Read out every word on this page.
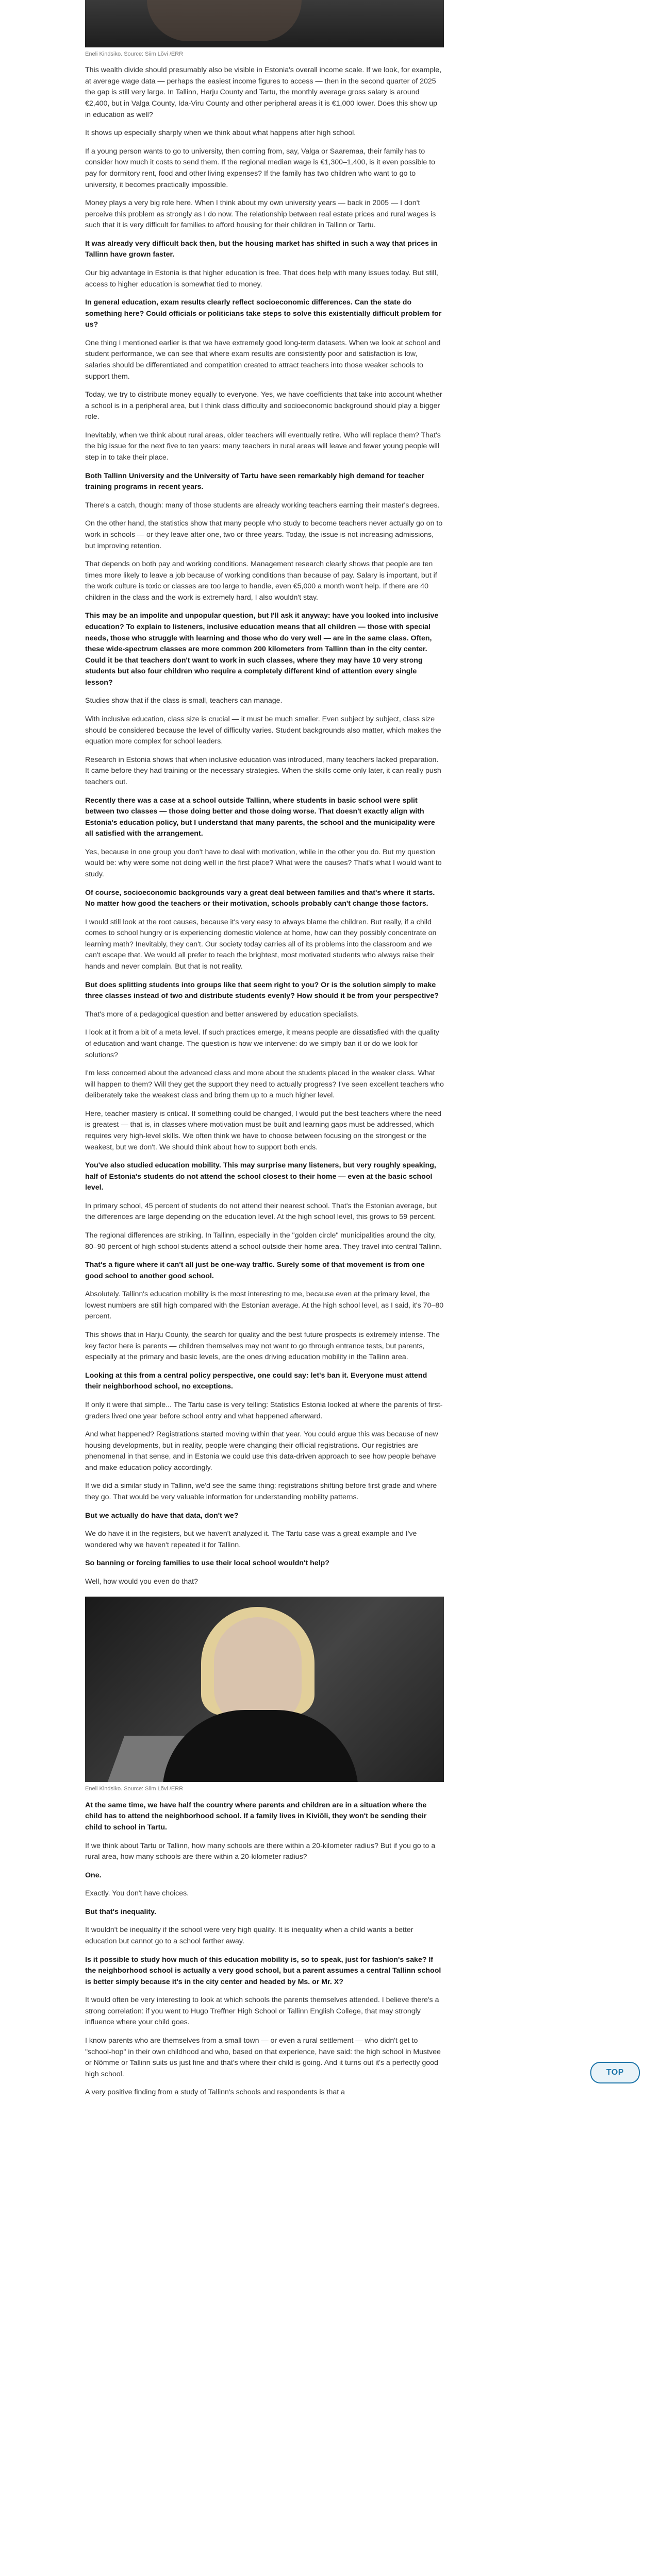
Eneli Kindsiko. Source: Siim Lõvi /ERR

This wealth divide should presumably also be visible in Estonia's overall income scale. If we look, for example, at average wage data — perhaps the easiest income figures to access — then in the second quarter of 2025 the gap is still very large. In Tallinn, Harju County and Tartu, the monthly average gross salary is around €2,400, but in Valga County, Ida-Viru County and other peripheral areas it is €1,000 lower. Does this show up in education as well?

It shows up especially sharply when we think about what happens after high school.

If a young person wants to go to university, then coming from, say, Valga or Saaremaa, their family has to consider how much it costs to send them. If the regional median wage is €1,300–1,400, is it even possible to pay for dormitory rent, food and other living expenses? If the family has two children who want to go to university, it becomes practically impossible.

Money plays a very big role here. When I think about my own university years — back in 2005 — I don't perceive this problem as strongly as I do now. The relationship between real estate prices and rural wages is such that it is very difficult for families to afford housing for their children in Tallinn or Tartu.

It was already very difficult back then, but the housing market has shifted in such a way that prices in Tallinn have grown faster.

Our big advantage in Estonia is that higher education is free. That does help with many issues today. But still, access to higher education is somewhat tied to money.

In general education, exam results clearly reflect socioeconomic differences. Can the state do something here? Could officials or politicians take steps to solve this existentially difficult problem for us?

One thing I mentioned earlier is that we have extremely good long-term datasets. When we look at school and student performance, we can see that where exam results are consistently poor and satisfaction is low, salaries should be differentiated and competition created to attract teachers into those weaker schools to support them.

Today, we try to distribute money equally to everyone. Yes, we have coefficients that take into account whether a school is in a peripheral area, but I think class difficulty and socioeconomic background should play a bigger role.

Inevitably, when we think about rural areas, older teachers will eventually retire. Who will replace them? That's the big issue for the next five to ten years: many teachers in rural areas will leave and fewer young people will step in to take their place.

Both Tallinn University and the University of Tartu have seen remarkably high demand for teacher training programs in recent years.

There's a catch, though: many of those students are already working teachers earning their master's degrees.

On the other hand, the statistics show that many people who study to become teachers never actually go on to work in schools — or they leave after one, two or three years. Today, the issue is not increasing admissions, but improving retention.

That depends on both pay and working conditions. Management research clearly shows that people are ten times more likely to leave a job because of working conditions than because of pay. Salary is important, but if the work culture is toxic or classes are too large to handle, even €5,000 a month won't help. If there are 40 children in the class and the work is extremely hard, I also wouldn't stay.

This may be an impolite and unpopular question, but I'll ask it anyway: have you looked into inclusive education? To explain to listeners, inclusive education means that all children — those with special needs, those who struggle with learning and those who do very well — are in the same class. Often, these wide-spectrum classes are more common 200 kilometers from Tallinn than in the city center. Could it be that teachers don't want to work in such classes, where they may have 10 very strong students but also four children who require a completely different kind of attention every single lesson?

Studies show that if the class is small, teachers can manage.

With inclusive education, class size is crucial — it must be much smaller. Even subject by subject, class size should be considered because the level of difficulty varies. Student backgrounds also matter, which makes the equation more complex for school leaders.

Research in Estonia shows that when inclusive education was introduced, many teachers lacked preparation. It came before they had training or the necessary strategies. When the skills come only later, it can really push teachers out.

Recently there was a case at a school outside Tallinn, where students in basic school were split between two classes — those doing better and those doing worse. That doesn't exactly align with Estonia's education policy, but I understand that many parents, the school and the municipality were all satisfied with the arrangement.

Yes, because in one group you don't have to deal with motivation, while in the other you do. But my question would be: why were some not doing well in the first place? What were the causes? That's what I would want to study.

Of course, socioeconomic backgrounds vary a great deal between families and that's where it starts. No matter how good the teachers or their motivation, schools probably can't change those factors.

I would still look at the root causes, because it's very easy to always blame the children. But really, if a child comes to school hungry or is experiencing domestic violence at home, how can they possibly concentrate on learning math? Inevitably, they can't. Our society today carries all of its problems into the classroom and we can't escape that. We would all prefer to teach the brightest, most motivated students who always raise their hands and never complain. But that is not reality.

But does splitting students into groups like that seem right to you? Or is the solution simply to make three classes instead of two and distribute students evenly? How should it be from your perspective?

That's more of a pedagogical question and better answered by education specialists.

I look at it from a bit of a meta level. If such practices emerge, it means people are dissatisfied with the quality of education and want change. The question is how we intervene: do we simply ban it or do we look for solutions?

I'm less concerned about the advanced class and more about the students placed in the weaker class. What will happen to them? Will they get the support they need to actually progress? I've seen excellent teachers who deliberately take the weakest class and bring them up to a much higher level.

Here, teacher mastery is critical. If something could be changed, I would put the best teachers where the need is greatest — that is, in classes where motivation must be built and learning gaps must be addressed, which requires very high-level skills. We often think we have to choose between focusing on the strongest or the weakest, but we don't. We should think about how to support both ends.

You've also studied education mobility. This may surprise many listeners, but very roughly speaking, half of Estonia's students do not attend the school closest to their home — even at the basic school level.

In primary school, 45 percent of students do not attend their nearest school. That's the Estonian average, but the differences are large depending on the education level. At the high school level, this grows to 59 percent.

The regional differences are striking. In Tallinn, especially in the "golden circle" municipalities around the city, 80–90 percent of high school students attend a school outside their home area. They travel into central Tallinn.

That's a figure where it can't all just be one-way traffic. Surely some of that movement is from one good school to another good school.

Absolutely. Tallinn's education mobility is the most interesting to me, because even at the primary level, the lowest numbers are still high compared with the Estonian average. At the high school level, as I said, it's 70–80 percent.

This shows that in Harju County, the search for quality and the best future prospects is extremely intense. The key factor here is parents — children themselves may not want to go through entrance tests, but parents, especially at the primary and basic levels, are the ones driving education mobility in the Tallinn area.

Looking at this from a central policy perspective, one could say: let's ban it. Everyone must attend their neighborhood school, no exceptions.

If only it were that simple... The Tartu case is very telling: Statistics Estonia looked at where the parents of first-graders lived one year before school entry and what happened afterward.

And what happened? Registrations started moving within that year. You could argue this was because of new housing developments, but in reality, people were changing their official registrations. Our registries are phenomenal in that sense, and in Estonia we could use this data-driven approach to see how people behave and make education policy accordingly.

If we did a similar study in Tallinn, we'd see the same thing: registrations shifting before first grade and where they go. That would be very valuable information for understanding mobility patterns.

But we actually do have that data, don't we?

We do have it in the registers, but we haven't analyzed it. The Tartu case was a great example and I've wondered why we haven't repeated it for Tallinn.

So banning or forcing families to use their local school wouldn't help?

Well, how would you even do that?

Eneli Kindsiko. Source: Siim Lõvi /ERR

At the same time, we have half the country where parents and children are in a situation where the child has to attend the neighborhood school. If a family lives in Kiviõli, they won't be sending their child to school in Tartu.

If we think about Tartu or Tallinn, how many schools are there within a 20-kilometer radius? But if you go to a rural area, how many schools are there within a 20-kilometer radius?

One.

Exactly. You don't have choices.

But that's inequality.

It wouldn't be inequality if the school were very high quality. It is inequality when a child wants a better education but cannot go to a school farther away.

Is it possible to study how much of this education mobility is, so to speak, just for fashion's sake? If the neighborhood school is actually a very good school, but a parent assumes a central Tallinn school is better simply because it's in the city center and headed by Ms. or Mr. X?

It would often be very interesting to look at which schools the parents themselves attended. I believe there's a strong correlation: if you went to Hugo Treffner High School or Tallinn English College, that may strongly influence where your child goes.

I know parents who are themselves from a small town — or even a rural settlement — who didn't get to "school-hop" in their own childhood and who, based on that experience, have said: the high school in Mustvee or Nõmme or Tallinn suits us just fine and that's where their child is going. And it turns out it's a perfectly good high school.

A very positive finding from a study of Tallinn's schools and respondents is that a

TOP
